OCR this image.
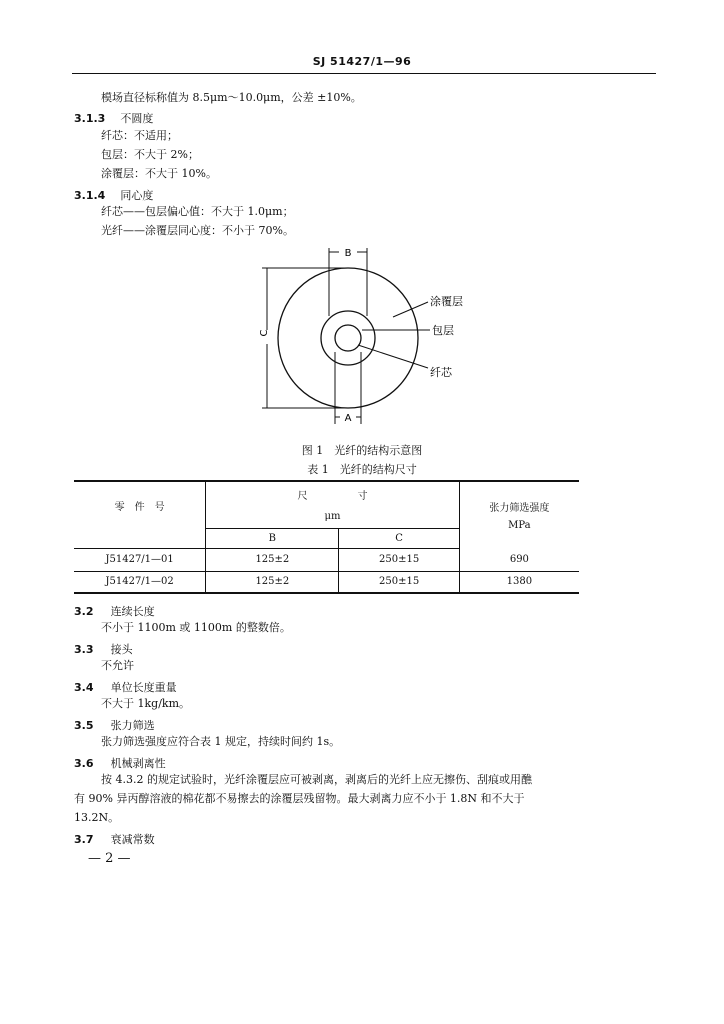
SJ 51427/1—96
模场直径标称值为 8.5μm～10.0μm，公差 ±10%。
3.1.3 不圆度
纤芯：不适用；
包层：不大于 2%；
涂覆层：不大于 10%。
3.1.4 同心度
纤芯——包层偏心值：不大于 1.0μm；
光纤——涂覆层同心度：不小于 70%。
B
A
C
涂覆层
包层
纤芯
图 1　光纤的结构示意图
表 1　光纤的结构尺寸
零　件　号	尺　　　　　寸		张力筛选强度
MPa

	μm		
	B	C	
J51427/1—01	125±2	250±15	690
J51427/1—02	125±2	250±15	1380
3.2 连续长度
不小于 1100m 或 1100m 的整数倍。
3.3 接头
不允许
3.4 单位长度重量
不大于 1kg/km。
3.5 张力筛选
张力筛选强度应符合表 1 规定，持续时间约 1s。
3.6 机械剥离性
按 4.3.2 的规定试验时，光纤涂覆层应可被剥离，剥离后的光纤上应无擦伤、刮痕或用醮
有 90% 异丙醇溶液的棉花都不易擦去的涂覆层残留物。最大剥离力应不小于 1.8N 和不大于
13.2N。
3.7 衰减常数
— 2 —
